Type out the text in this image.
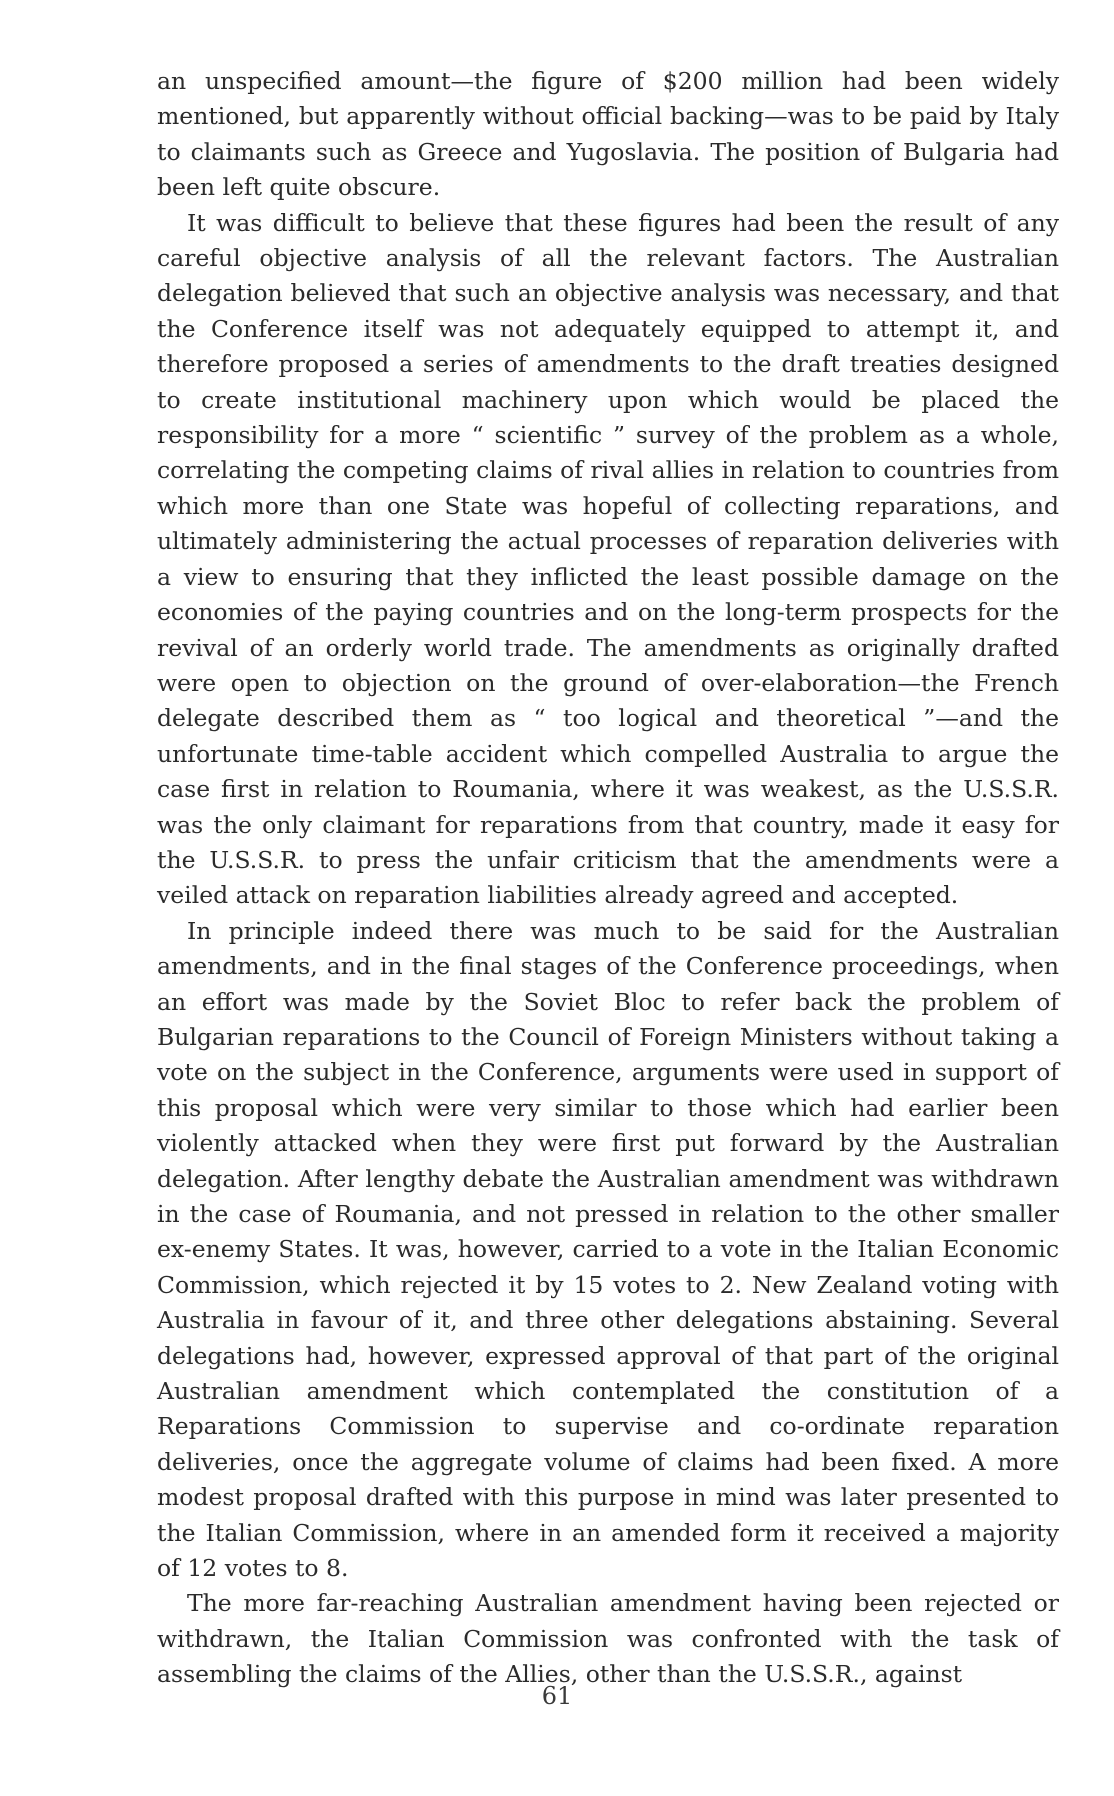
an unspecified amount—the figure of $200 million had been widely mentioned, but apparently without official backing—was to be paid by Italy to claimants such as Greece and Yugoslavia. The position of Bulgaria had been left quite obscure.

It was difficult to believe that these figures had been the result of any careful objective analysis of all the relevant factors. The Australian delegation believed that such an objective analysis was necessary, and that the Conference itself was not adequately equipped to attempt it, and therefore proposed a series of amendments to the draft treaties designed to create institutional machinery upon which would be placed the responsibility for a more “ scientific ” survey of the problem as a whole, correlating the competing claims of rival allies in relation to countries from which more than one State was hopeful of collecting reparations, and ultimately administering the actual processes of reparation deliveries with a view to ensuring that they inflicted the least possible damage on the economies of the paying countries and on the long-term prospects for the revival of an orderly world trade. The amendments as originally drafted were open to objection on the ground of over-elaboration—the French delegate described them as “ too logical and theoretical ”—and the unfortunate time-table accident which compelled Australia to argue the case first in relation to Roumania, where it was weakest, as the U.S.S.R. was the only claimant for reparations from that country, made it easy for the U.S.S.R. to press the unfair criticism that the amendments were a veiled attack on reparation liabilities already agreed and accepted.

In principle indeed there was much to be said for the Australian amendments, and in the final stages of the Conference proceedings, when an effort was made by the Soviet Bloc to refer back the problem of Bulgarian reparations to the Council of Foreign Ministers without taking a vote on the subject in the Conference, arguments were used in support of this proposal which were very similar to those which had earlier been violently attacked when they were first put forward by the Australian delegation. After lengthy debate the Australian amendment was withdrawn in the case of Roumania, and not pressed in relation to the other smaller ex-enemy States. It was, however, carried to a vote in the Italian Economic Commission, which rejected it by 15 votes to 2. New Zealand voting with Australia in favour of it, and three other delegations abstaining. Several delegations had, however, expressed approval of that part of the original Australian amendment which contemplated the constitution of a Reparations Commission to supervise and co-ordinate reparation deliveries, once the aggregate volume of claims had been fixed. A more modest proposal drafted with this purpose in mind was later presented to the Italian Commission, where in an amended form it received a majority of 12 votes to 8.

The more far-reaching Australian amendment having been rejected or withdrawn, the Italian Commission was confronted with the task of assembling the claims of the Allies, other than the U.S.S.R., against

61
